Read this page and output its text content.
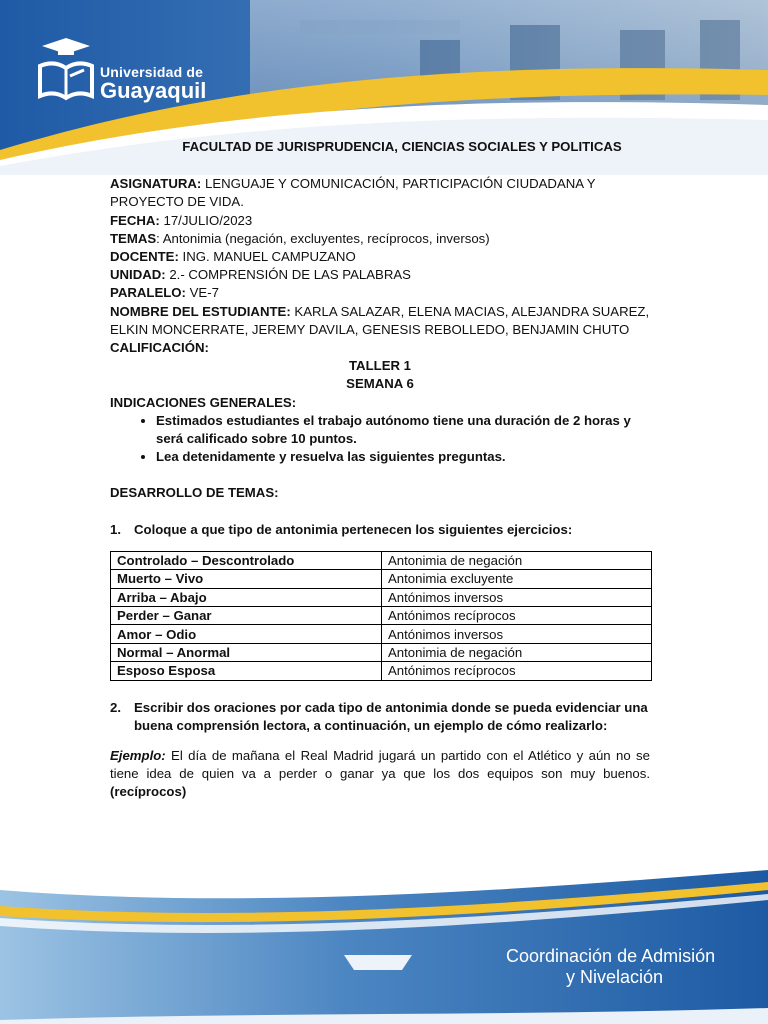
Universidad de
Guayaquil
FACULTAD DE JURISPRUDENCIA, CIENCIAS SOCIALES Y POLITICAS
ASIGNATURA: LENGUAJE Y COMUNICACIÓN, PARTICIPACIÓN CIUDADANA Y PROYECTO DE VIDA.
FECHA: 17/JULIO/2023
TEMAS: Antonimia (negación, excluyentes, recíprocos, inversos)
DOCENTE: ING. MANUEL CAMPUZANO
UNIDAD: 2.- COMPRENSIÓN DE LAS PALABRAS
PARALELO: VE-7
NOMBRE DEL ESTUDIANTE: KARLA SALAZAR, ELENA MACIAS, ALEJANDRA SUAREZ, ELKIN MONCERRATE, JEREMY DAVILA, GENESIS REBOLLEDO, BENJAMIN CHUTO
CALIFICACIÓN:
TALLER 1
SEMANA 6
INDICACIONES GENERALES:
• Estimados estudiantes el trabajo autónomo tiene una duración de 2 horas y será calificado sobre 10 puntos.
• Lea detenidamente y resuelva las siguientes preguntas.
DESARROLLO DE TEMAS:
1. Coloque a que tipo de antonimia pertenecen los siguientes ejercicios:
Controlado – Descontrolado	Antonimia de negación
Muerto – Vivo	Antonimia excluyente
Arriba – Abajo	Antónimos inversos
Perder – Ganar	Antónimos recíprocos
Amor – Odio	Antónimos inversos
Normal – Anormal	Antonimia de negación
Esposo Esposa	Antónimos recíprocos
2. Escribir dos oraciones por cada tipo de antonimia donde se pueda evidenciar una buena comprensión lectora, a continuación, un ejemplo de cómo realizarlo:
Ejemplo: El día de mañana el Real Madrid jugará un partido con el Atlético y aún no se tiene idea de quien va a perder o ganar ya que los dos equipos son muy buenos. (recíprocos)
Coordinación de Admisión
y Nivelación
